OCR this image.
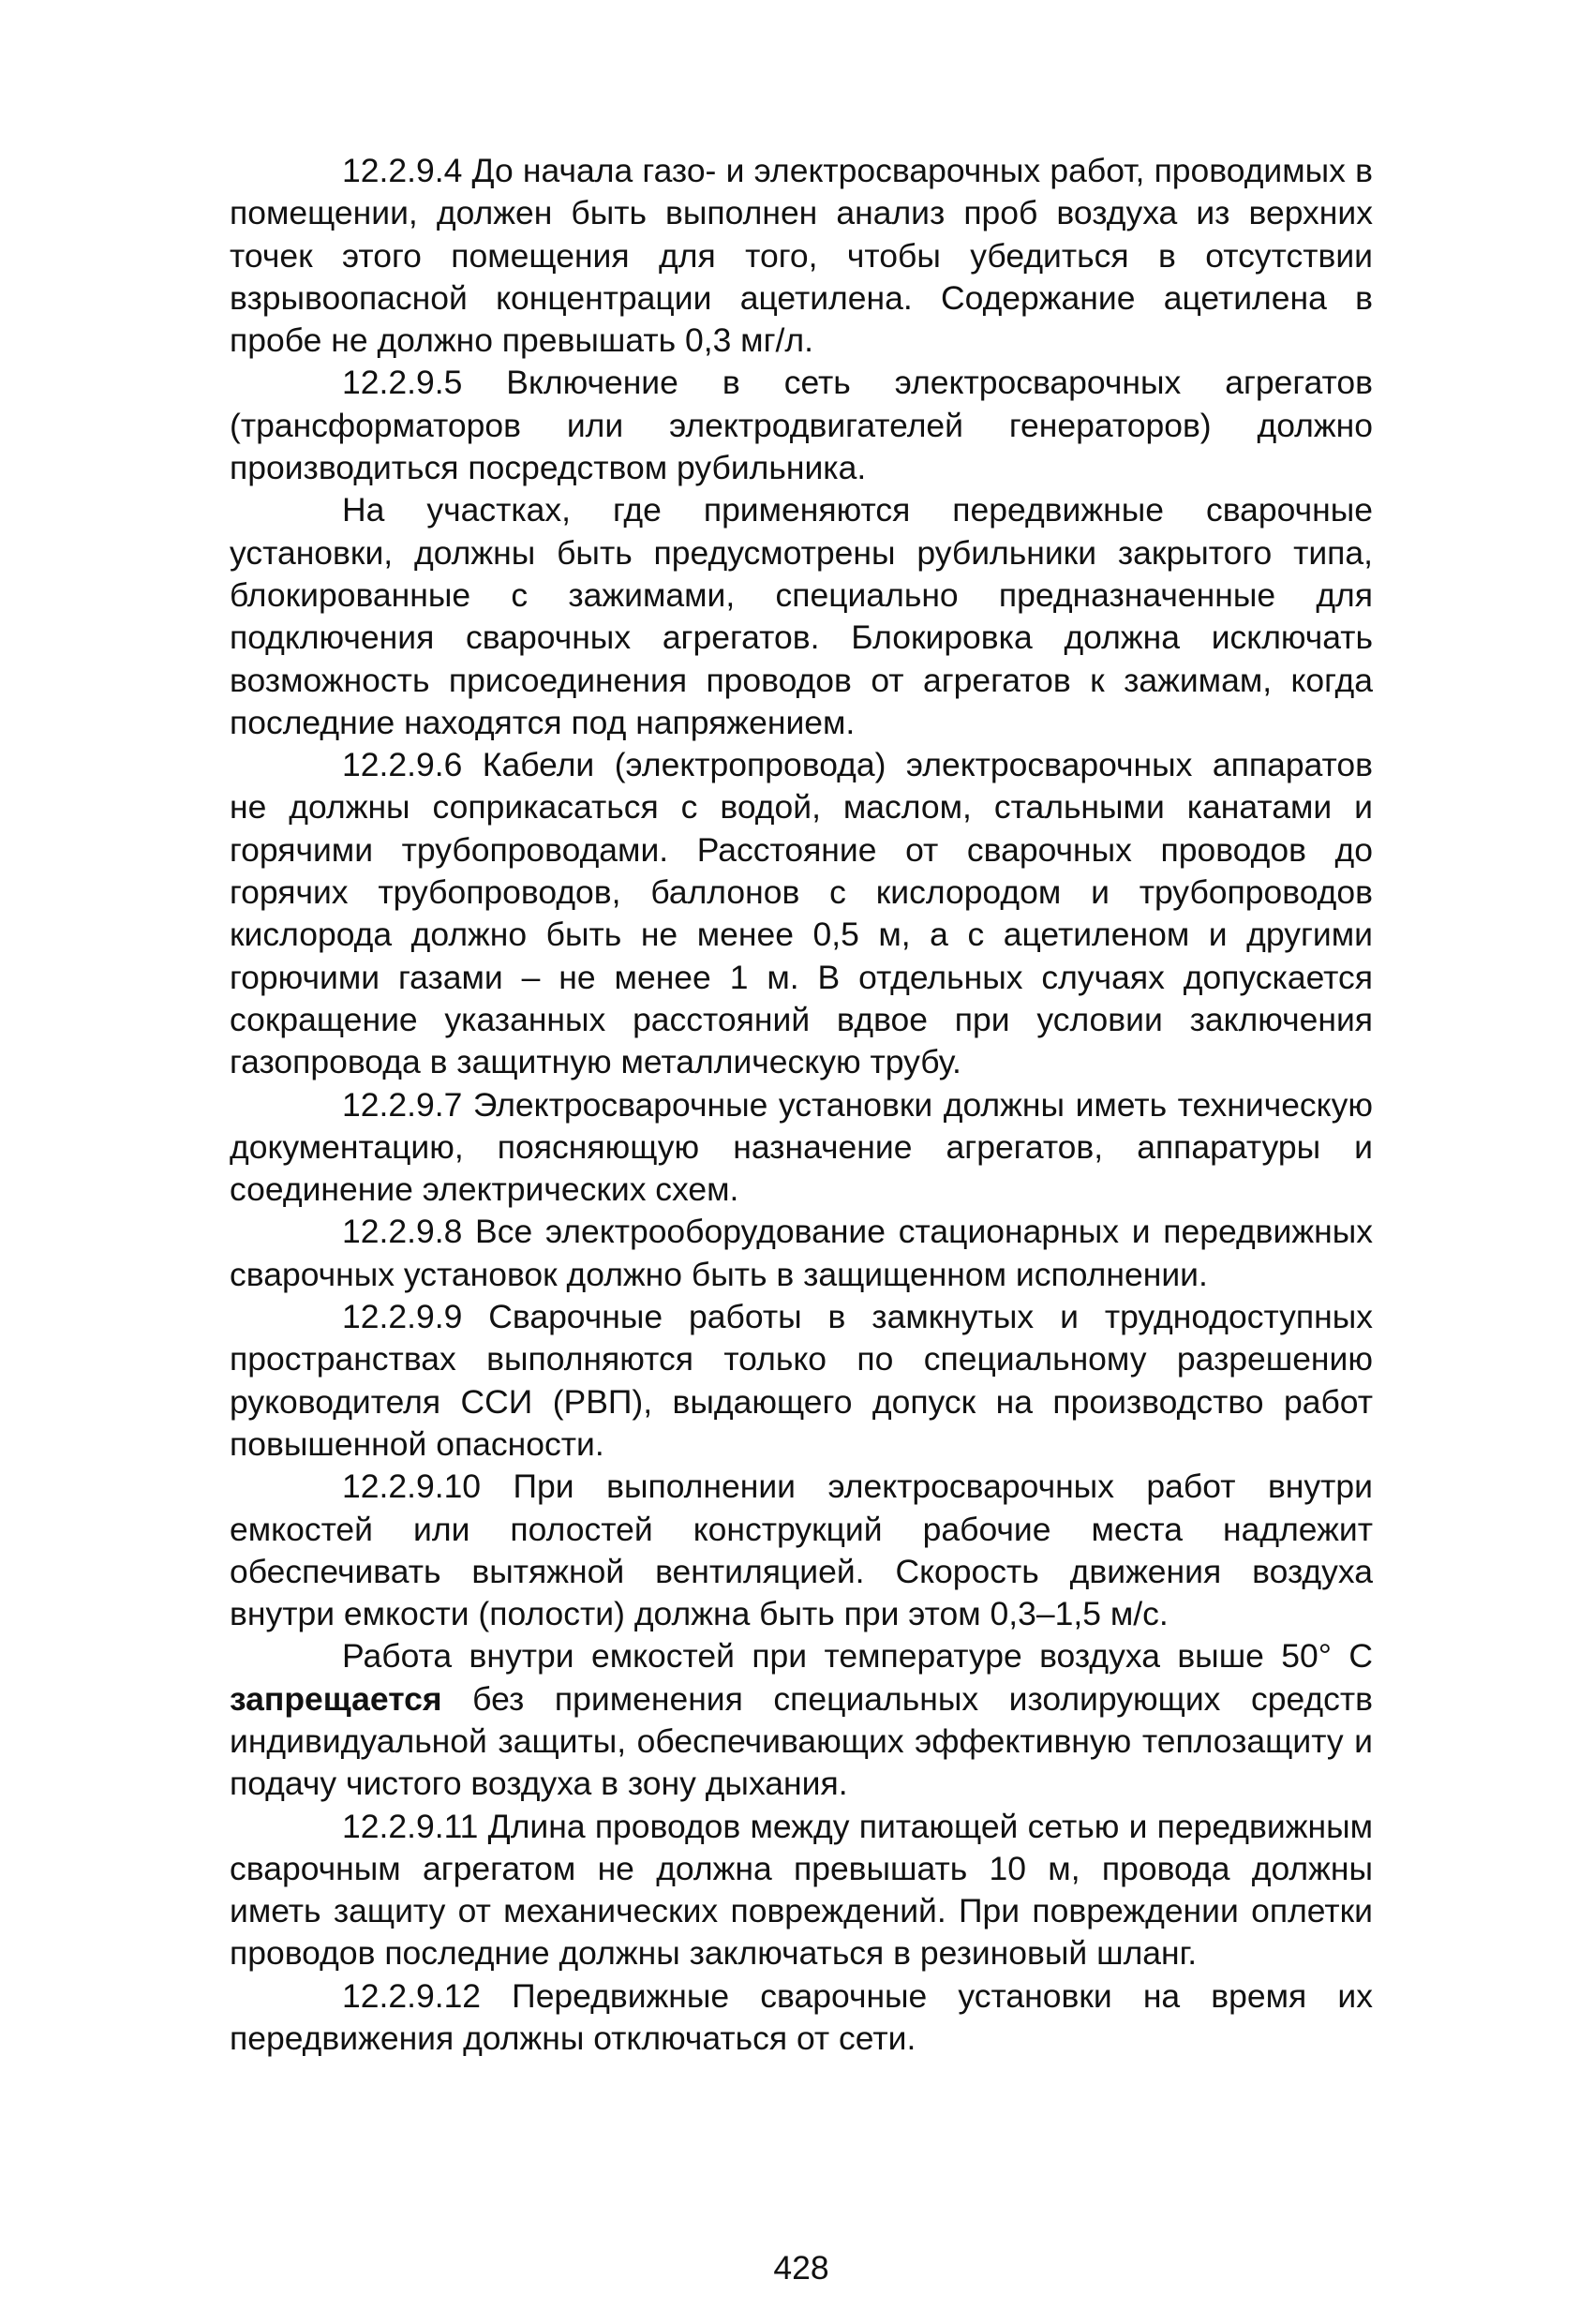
12.2.9.4 До начала газо- и электросварочных работ, проводимых в помещении, должен быть выполнен анализ проб воздуха из верхних точек этого помещения для того, чтобы убедиться в отсутствии взрывоопасной концентрации ацетилена. Содержание ацетилена в пробе не должно превышать 0,3 мг/л.

12.2.9.5 Включение в сеть электросварочных агрегатов (трансформаторов или электродвигателей генераторов) должно производиться посредством рубильника.

На участках, где применяются передвижные сварочные установки, должны быть предусмотрены рубильники закрытого типа, блокированные с зажимами, специально предназначенные для подключения сварочных агрегатов. Блокировка должна исключать возможность присоединения проводов от агрегатов к зажимам, когда последние находятся под напряжением.

12.2.9.6 Кабели (электропровода) электросварочных аппаратов не должны соприкасаться с водой, маслом, стальными канатами и горячими трубопроводами. Расстояние от сварочных проводов до горячих трубопроводов, баллонов с кислородом и трубопроводов кислорода должно быть не менее 0,5 м, а с ацетиленом и другими горючими газами – не менее 1 м. В отдельных случаях допускается сокращение указанных расстояний вдвое при условии заключения газопровода в защитную металлическую трубу.

12.2.9.7 Электросварочные установки должны иметь техническую документацию, поясняющую назначение агрегатов, аппаратуры и соединение электрических схем.

12.2.9.8 Все электрооборудование стационарных и передвижных сварочных установок должно быть в защищенном исполнении.

12.2.9.9 Сварочные работы в замкнутых и труднодоступных пространствах выполняются только по специальному разрешению руководителя ССИ (РВП), выдающего допуск на производство работ повышенной опасности.

12.2.9.10 При выполнении электросварочных работ внутри емкостей или полостей конструкций рабочие места надлежит обеспечивать вытяжной вентиляцией. Скорость движения воздуха внутри емкости (полости) должна быть при этом 0,3–1,5 м/с.

Работа внутри емкостей при температуре воздуха выше 50° С запрещается без применения специальных изолирующих средств индивидуальной защиты, обеспечивающих эффективную теплозащиту и подачу чистого воздуха в зону дыхания.

12.2.9.11 Длина проводов между питающей сетью и передвижным сварочным агрегатом не должна превышать 10 м, провода должны иметь защиту от механических повреждений. При повреждении оплетки проводов последние должны заключаться в резиновый шланг.

12.2.9.12 Передвижные сварочные установки на время их передвижения должны отключаться от сети.

428
